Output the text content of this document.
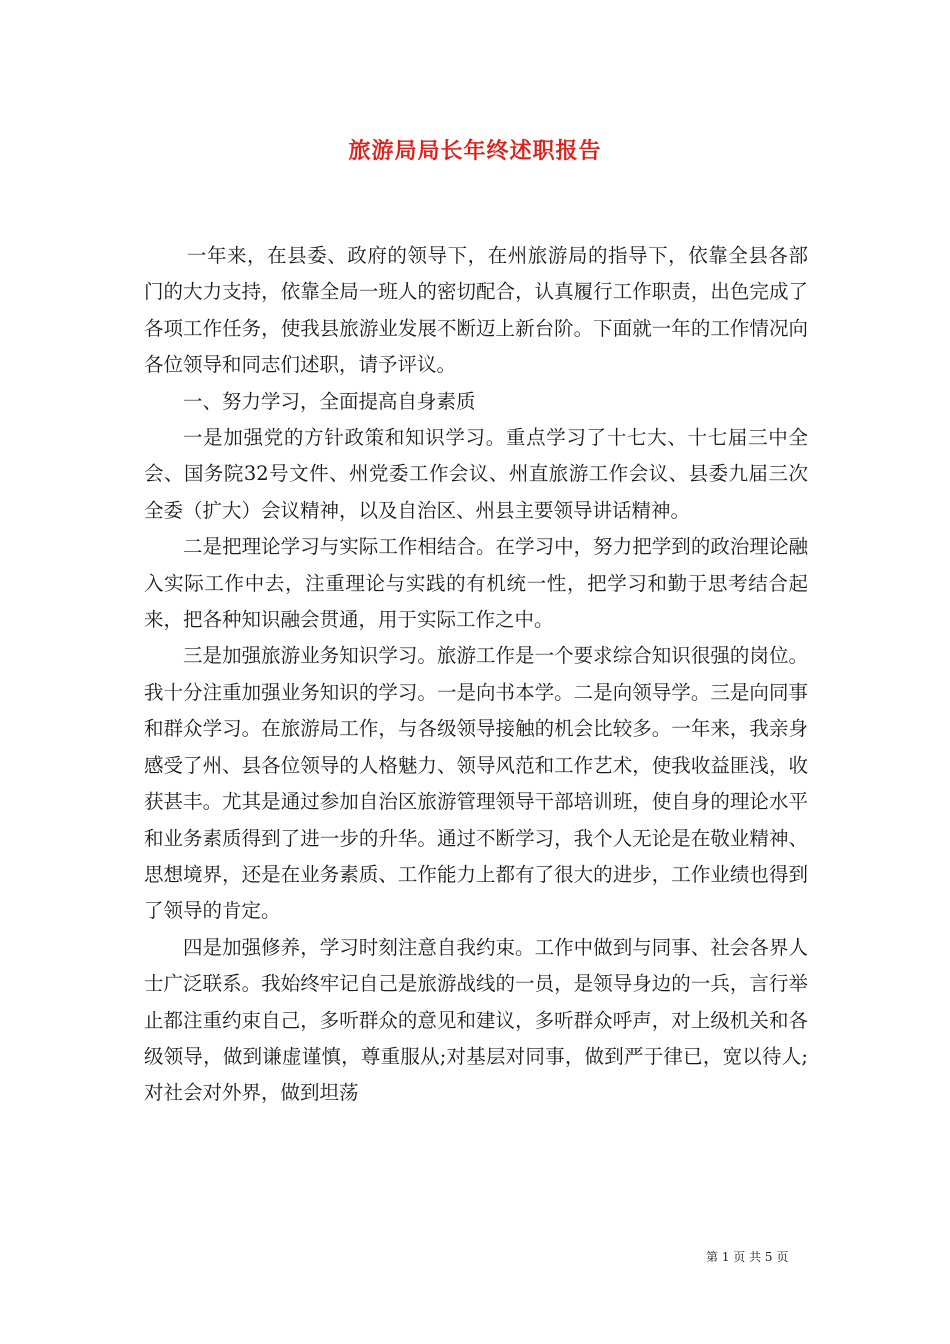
旅游局局长年终述职报告

一年来，在县委、政府的领导下，在州旅游局的指导下，依靠全县各部门的大力支持，依靠全局一班人的密切配合，认真履行工作职责，出色完成了各项工作任务，使我县旅游业发展不断迈上新台阶。下面就一年的工作情况向各位领导和同志们述职，请予评议。

一、努力学习，全面提高自身素质

一是加强党的方针政策和知识学习。重点学习了十七大、十七届三中全会、国务院32号文件、州党委工作会议、州直旅游工作会议、县委九届三次全委（扩大）会议精神，以及自治区、州县主要领导讲话精神。

二是把理论学习与实际工作相结合。在学习中，努力把学到的政治理论融入实际工作中去，注重理论与实践的有机统一性，把学习和勤于思考结合起来，把各种知识融会贯通，用于实际工作之中。

三是加强旅游业务知识学习。旅游工作是一个要求综合知识很强的岗位。我十分注重加强业务知识的学习。一是向书本学。二是向领导学。三是向同事和群众学习。在旅游局工作，与各级领导接触的机会比较多。一年来，我亲身感受了州、县各位领导的人格魅力、领导风范和工作艺术，使我收益匪浅，收获甚丰。尤其是通过参加自治区旅游管理领导干部培训班，使自身的理论水平和业务素质得到了进一步的升华。通过不断学习，我个人无论是在敬业精神、思想境界，还是在业务素质、工作能力上都有了很大的进步，工作业绩也得到了领导的肯定。

四是加强修养，学习时刻注意自我约束。工作中做到与同事、社会各界人士广泛联系。我始终牢记自己是旅游战线的一员，是领导身边的一兵，言行举止都注重约束自己，多听群众的意见和建议，多听群众呼声，对上级机关和各级领导，做到谦虚谨慎，尊重服从;对基层对同事，做到严于律已，宽以待人;对社会对外界，做到坦荡

第 1 页 共 5 页
